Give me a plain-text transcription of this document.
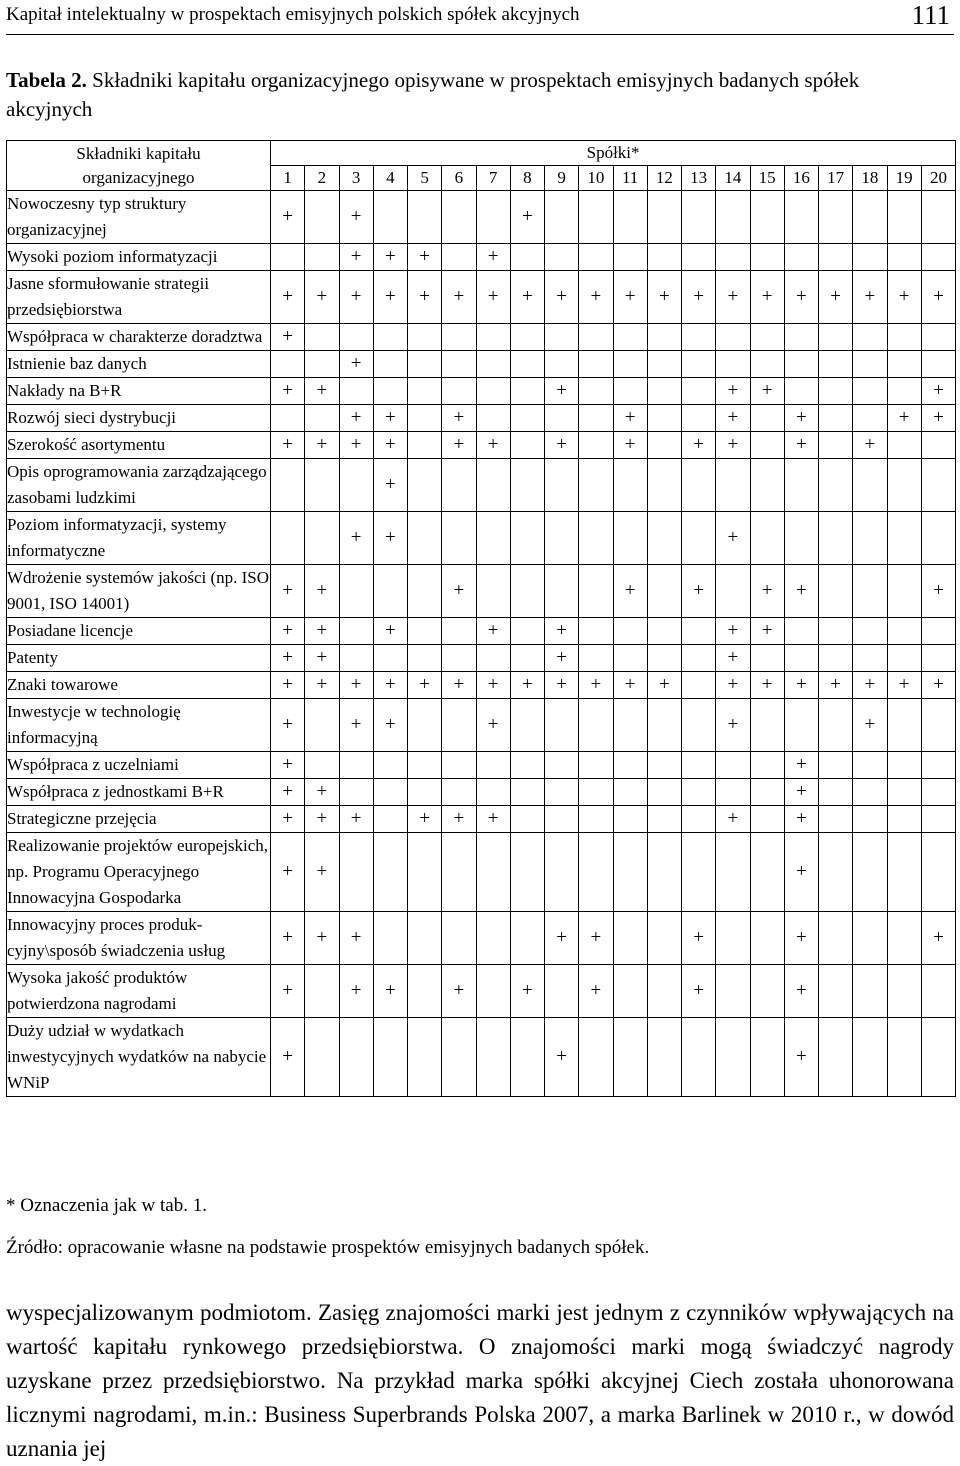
Kapitał intelektualny w prospektach emisyjnych polskich spółek akcyjnych	111
Tabela 2. Składniki kapitału organizacyjnego opisywane w prospektach emisyjnych badanych spółek akcyjnych
Składniki kapitału
organizacyjnego	Spółki*																			
	1	2	3	4	5	6	7	8	9	10	11	12	13	14	15	16	17	18	19	20
Nowoczesny typ struktury organizacyjnej	+		+					+												
Wysoki poziom informatyzacji			+	+	+		+													
Jasne sformułowanie strategii przedsiębiorstwa	+	+	+	+	+	+	+	+	+	+	+	+	+	+	+	+	+	+	+	+
Współpraca w charakterze doradztwa	+																			
Istnienie baz danych			+																	
Nakłady na B+R	+	+							+					+	+					+
Rozwój sieci dystrybucji			+	+		+					+			+		+			+	+
Szerokość asortymentu	+	+	+	+		+	+		+		+		+	+		+		+		
Opis oprogramowania zarządzającego zasobami ludzkimi				+																
Poziom informatyzacji, systemy informatyczne			+	+										+						
Wdrożenie systemów jakości (np. ISO 9001, ISO 14001)	+	+				+					+		+		+	+				+
Posiadane licencje	+	+		+			+		+					+	+					
Patenty	+	+							+					+						
Znaki towarowe	+	+	+	+	+	+	+	+	+	+	+	+		+	+	+	+	+	+	+
Inwestycje w technologię informacyjną	+		+	+			+							+				+		
Współpraca z uczelniami	+															+				
Współpraca z jednostkami B+R	+	+														+				
Strategiczne przejęcia	+	+	+		+	+	+							+		+				
Realizowanie projektów europejskich, np. Programu Operacyjnego Innowacyjna Gospodarka	+	+														+				
Innowacyjny proces produk-cyjny\sposób świadczenia usług	+	+	+						+	+			+			+				+
Wysoka jakość produktów potwierdzona nagrodami	+		+	+		+		+		+			+			+				
Duży udział w wydatkach inwestycyjnych wydatków na nabycie WNiP	+								+							+				
* Oznaczenia jak w tab. 1.
Źródło: opracowanie własne na podstawie prospektów emisyjnych badanych spółek.
wyspecjalizowanym podmiotom. Zasięg znajomości marki jest jednym z czynników wpływających na wartość kapitału rynkowego przedsiębiorstwa. O znajomości marki mogą świadczyć nagrody uzyskane przez przedsiębiorstwo. Na przykład marka spółki akcyjnej Ciech została uhonorowana licznymi nagrodami, m.in.: Business Superbrands Polska 2007, a marka Barlinek w 2010 r., w dowód uznania jej
